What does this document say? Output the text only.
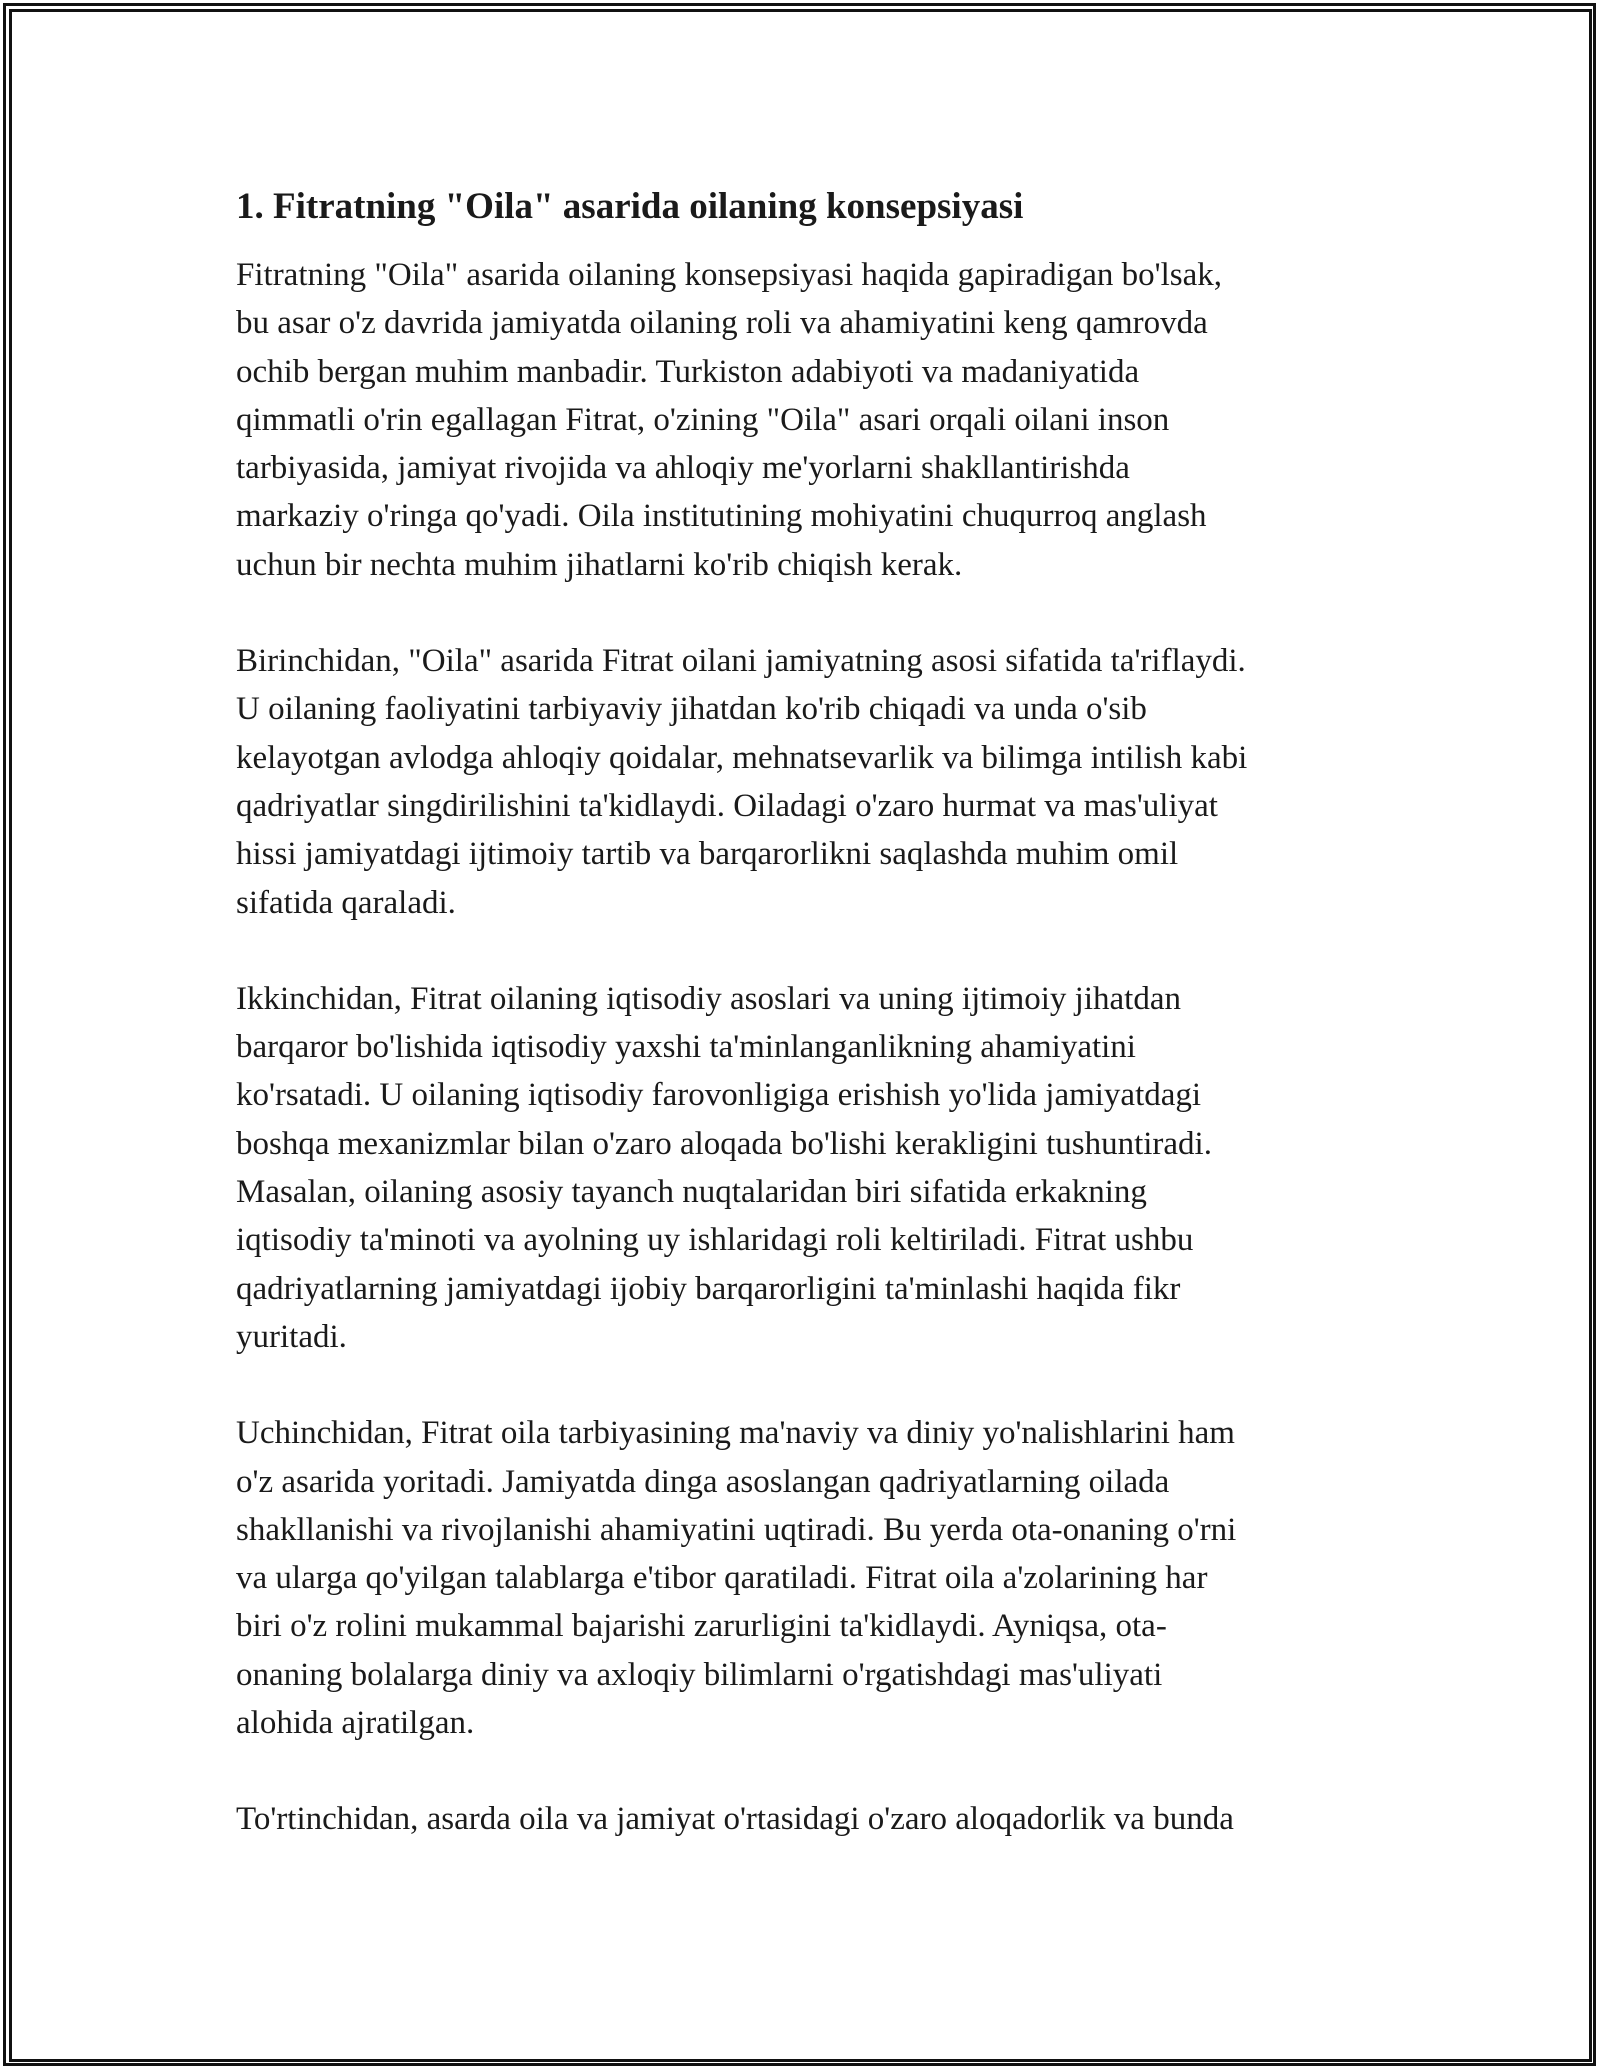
1. Fitratning "Oila" asarida oilaning konsepsiyasi

Fitratning "Oila" asarida oilaning konsepsiyasi haqida gapiradigan bo'lsak,
bu asar o'z davrida jamiyatda oilaning roli va ahamiyatini keng qamrovda
ochib bergan muhim manbadir. Turkiston adabiyoti va madaniyatida
qimmatli o'rin egallagan Fitrat, o'zining "Oila" asari orqali oilani inson
tarbiyasida, jamiyat rivojida va ahloqiy me'yorlarni shakllantirishda
markaziy o'ringa qo'yadi. Oila institutining mohiyatini chuqurroq anglash
uchun bir nechta muhim jihatlarni ko'rib chiqish kerak.

Birinchidan, "Oila" asarida Fitrat oilani jamiyatning asosi sifatida ta'riflaydi.
U oilaning faoliyatini tarbiyaviy jihatdan ko'rib chiqadi va unda o'sib
kelayotgan avlodga ahloqiy qoidalar, mehnatsevarlik va bilimga intilish kabi
qadriyatlar singdirilishini ta'kidlaydi. Oiladagi o'zaro hurmat va mas'uliyat
hissi jamiyatdagi ijtimoiy tartib va barqarorlikni saqlashda muhim omil
sifatida qaraladi.

Ikkinchidan, Fitrat oilaning iqtisodiy asoslari va uning ijtimoiy jihatdan
barqaror bo'lishida iqtisodiy yaxshi ta'minlanganlikning ahamiyatini
ko'rsatadi. U oilaning iqtisodiy farovonligiga erishish yo'lida jamiyatdagi
boshqa mexanizmlar bilan o'zaro aloqada bo'lishi kerakligini tushuntiradi.
Masalan, oilaning asosiy tayanch nuqtalaridan biri sifatida erkakning
iqtisodiy ta'minoti va ayolning uy ishlaridagi roli keltiriladi. Fitrat ushbu
qadriyatlarning jamiyatdagi ijobiy barqarorligini ta'minlashi haqida fikr
yuritadi.

Uchinchidan, Fitrat oila tarbiyasining ma'naviy va diniy yo'nalishlarini ham
o'z asarida yoritadi. Jamiyatda dinga asoslangan qadriyatlarning oilada
shakllanishi va rivojlanishi ahamiyatini uqtiradi. Bu yerda ota-onaning o'rni
va ularga qo'yilgan talablarga e'tibor qaratiladi. Fitrat oila a'zolarining har
biri o'z rolini mukammal bajarishi zarurligini ta'kidlaydi. Ayniqsa, ota-
onaning bolalarga diniy va axloqiy bilimlarni o'rgatishdagi mas'uliyati
alohida ajratilgan.

To'rtinchidan, asarda oila va jamiyat o'rtasidagi o'zaro aloqadorlik va bunda
